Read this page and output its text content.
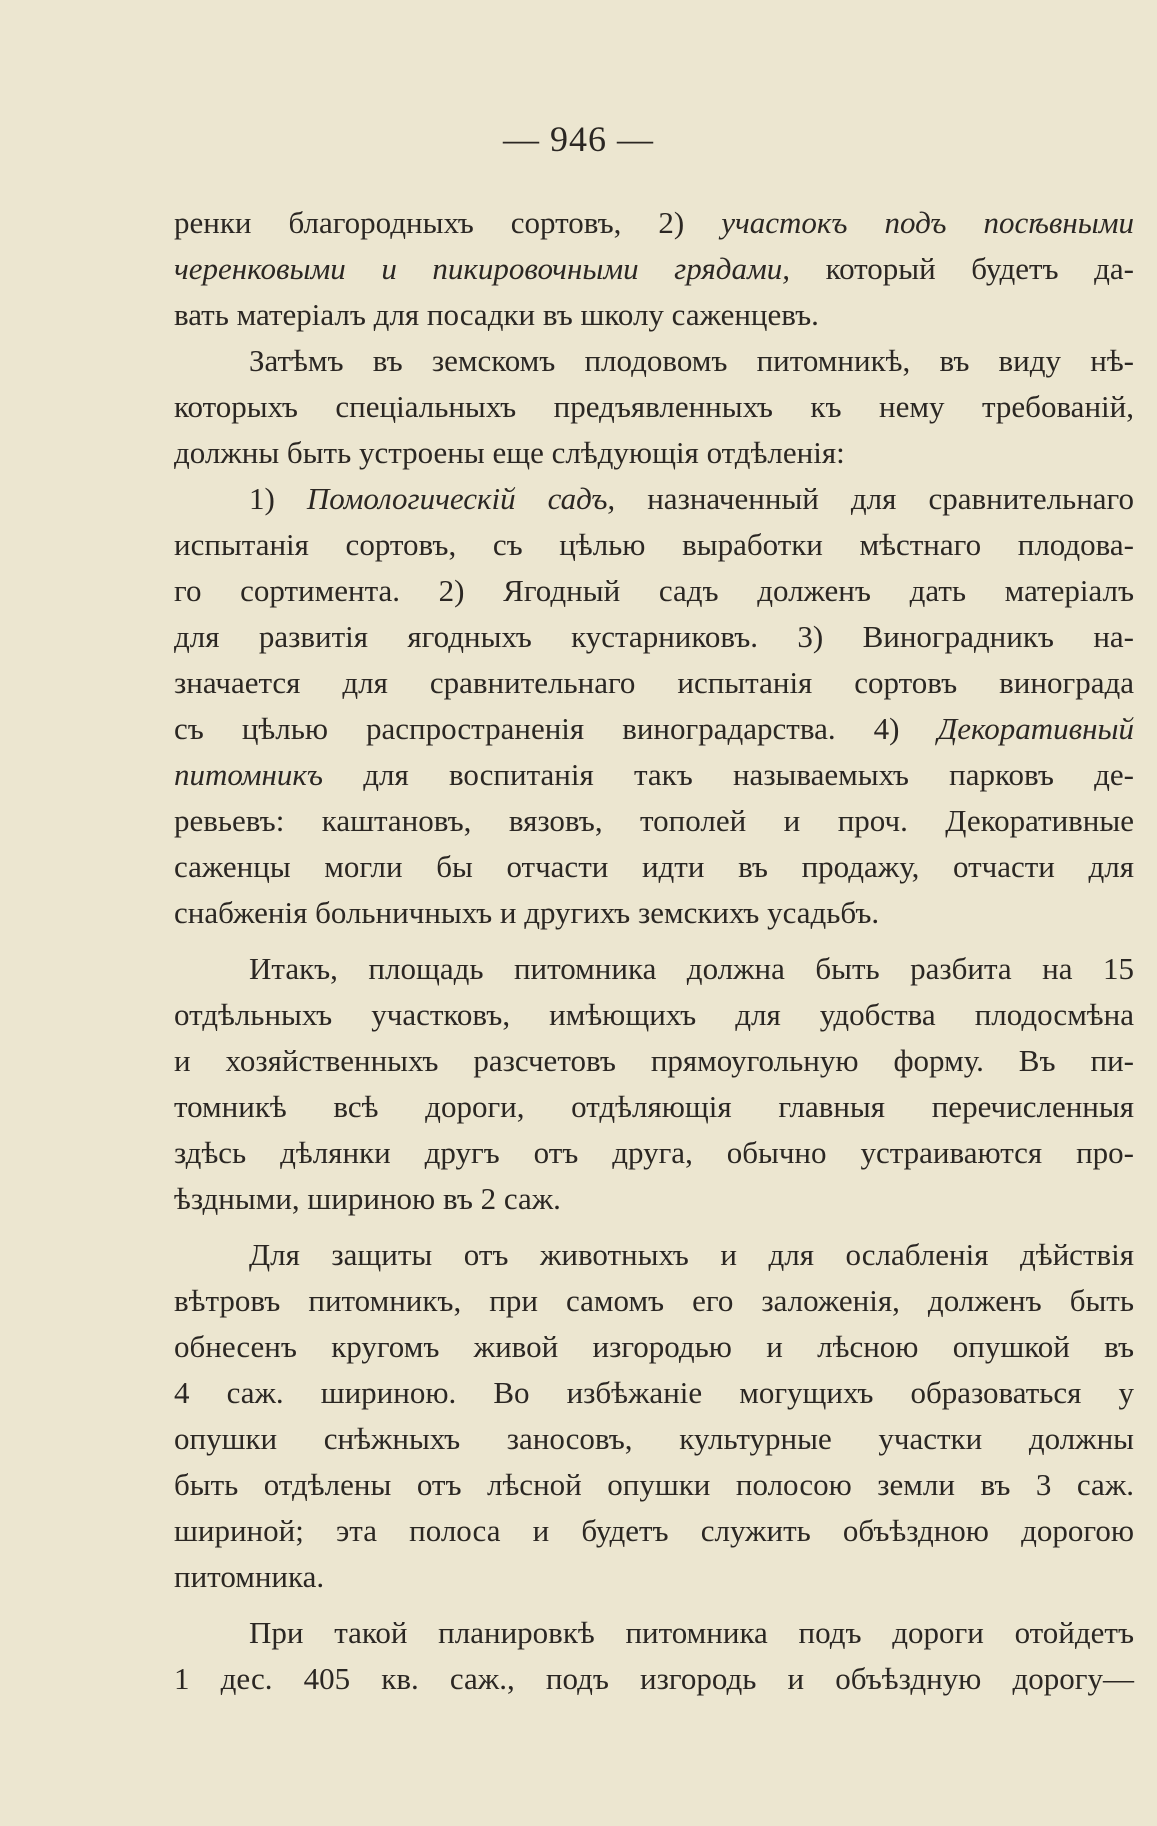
— 946 —
ренки благородныхъ сортовъ, 2) участокъ подъ посѣвными
черенковыми и пикировочными грядами, который будетъ да-
вать матеріалъ для посадки въ школу саженцевъ.
Затѣмъ въ земскомъ плодовомъ питомникѣ, въ виду нѣ-
которыхъ спеціальныхъ предъявленныхъ къ нему требованій,
должны быть устроены еще слѣдующія отдѣленія:
1) Помологическій садъ, назначенный для сравнительнаго
испытанія сортовъ, съ цѣлью выработки мѣстнаго плодова-
го сортимента. 2) Ягодный садъ долженъ дать матеріалъ
для развитія ягодныхъ кустарниковъ. 3) Виноградникъ на-
значается для сравнительнаго испытанія сортовъ винограда
съ цѣлью распространенія виноградарства. 4) Декоративный
питомникъ для воспитанія такъ называемыхъ парковъ де-
ревьевъ: каштановъ, вязовъ, тополей и проч. Декоративные
саженцы могли бы отчасти идти въ продажу, отчасти для
снабженія больничныхъ и другихъ земскихъ усадьбъ.
Итакъ, площадь питомника должна быть разбита на 15
отдѣльныхъ участковъ, имѣющихъ для удобства плодосмѣна
и хозяйственныхъ разсчетовъ прямоугольную форму. Въ пи-
томникѣ всѣ дороги, отдѣляющія главныя перечисленныя
здѣсь дѣлянки другъ отъ друга, обычно устраиваются про-
ѣздными, шириною въ 2 саж.
Для защиты отъ животныхъ и для ослабленія дѣйствія
вѣтровъ питомникъ, при самомъ его заложенія, долженъ быть
обнесенъ кругомъ живой изгородью и лѣсною опушкой въ
4 саж. шириною. Во избѣжаніе могущихъ образоваться у
опушки снѣжныхъ заносовъ, культурные участки должны
быть отдѣлены отъ лѣсной опушки полосою земли въ 3 саж.
шириной; эта полоса и будетъ служить объѣздною дорогою
питомника.
При такой планировкѣ питомника подъ дороги отойдетъ
1 дес. 405 кв. саж., подъ изгородь и объѣздную дорогу—
